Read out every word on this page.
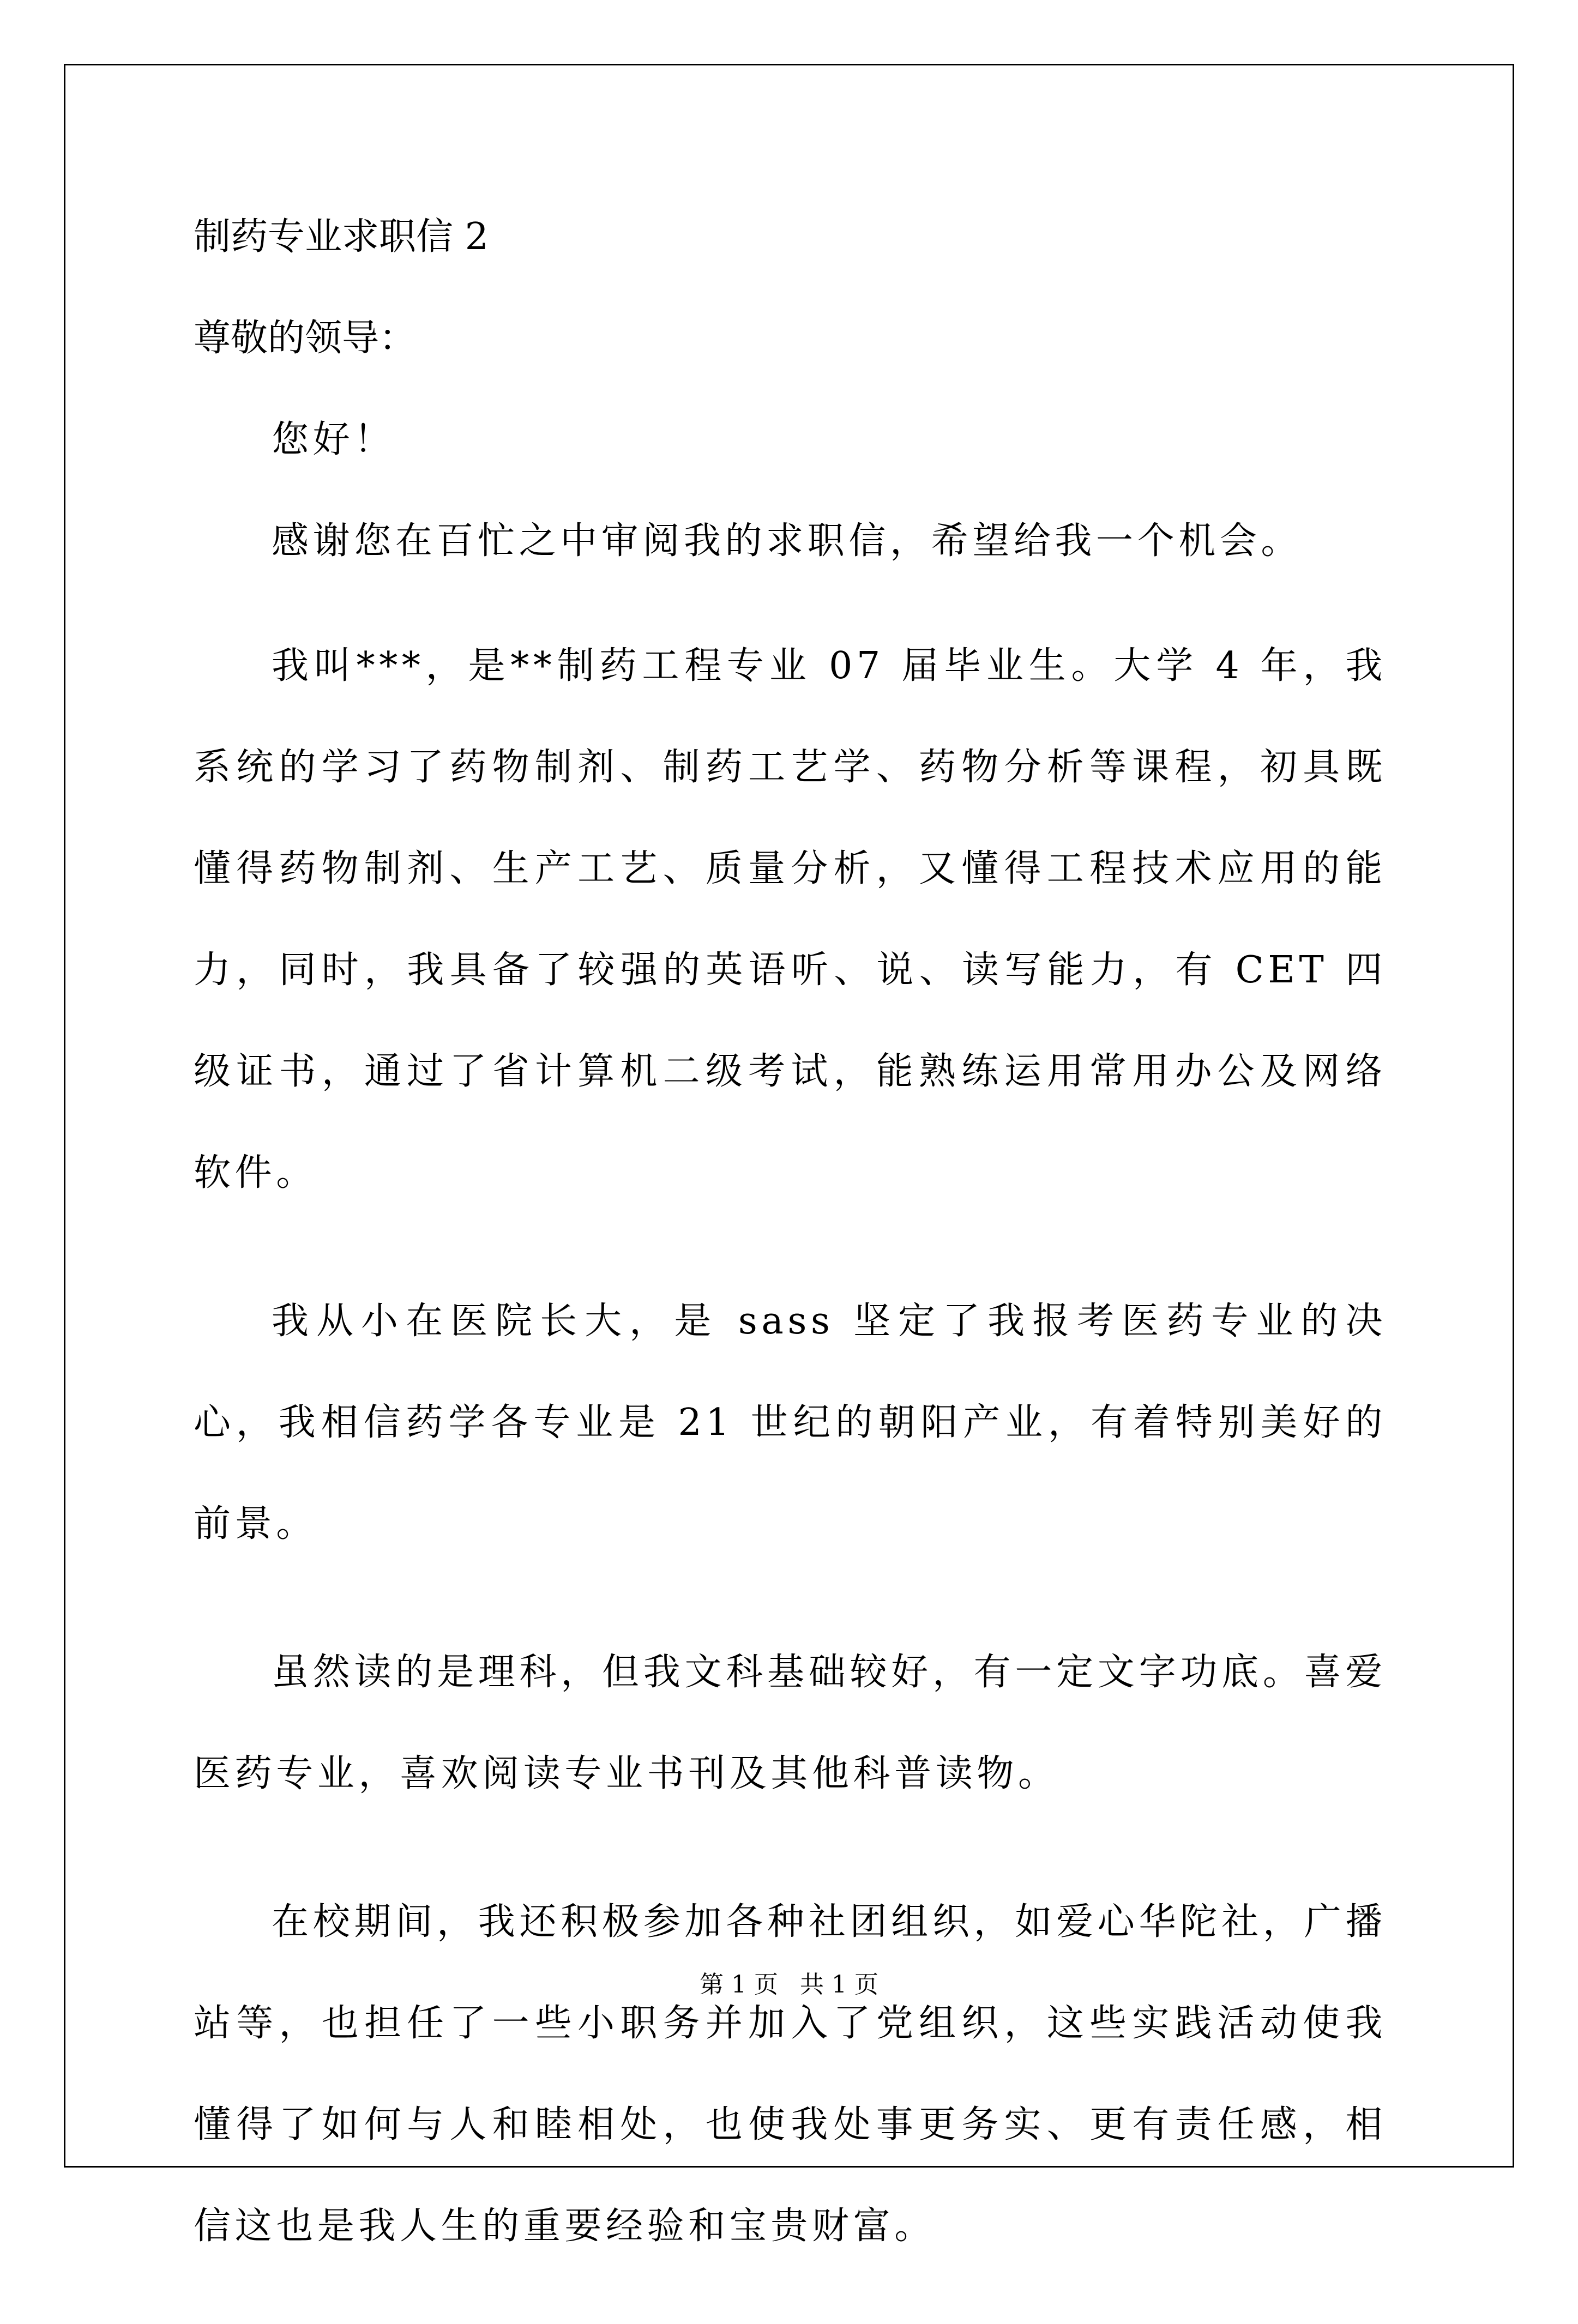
制药专业求职信 2
尊敬的领导：
您好！
感谢您在百忙之中审阅我的求职信，希望给我一个机会。
我叫***，是**制药工程专业 07 届毕业生。大学 4 年，我系统的学习了药物制剂、制药工艺学、药物分析等课程，初具既懂得药物制剂、生产工艺、质量分析，又懂得工程技术应用的能力，同时，我具备了较强的英语听、说、读写能力，有 CET 四级证书，通过了省计算机二级考试，能熟练运用常用办公及网络软件。
我从小在医院长大，是 sass 坚定了我报考医药专业的决心，我相信药学各专业是 21 世纪的朝阳产业，有着特别美好的前景。
虽然读的是理科，但我文科基础较好，有一定文字功底。喜爱医药专业，喜欢阅读专业书刊及其他科普读物。
在校期间，我还积极参加各种社团组织，如爱心华陀社，广播站等，也担任了一些小职务并加入了党组织，这些实践活动使我懂得了如何与人和睦相处，也使我处事更务实、更有责任感，相信这也是我人生的重要经验和宝贵财富。
第 1 页 共 1 页
